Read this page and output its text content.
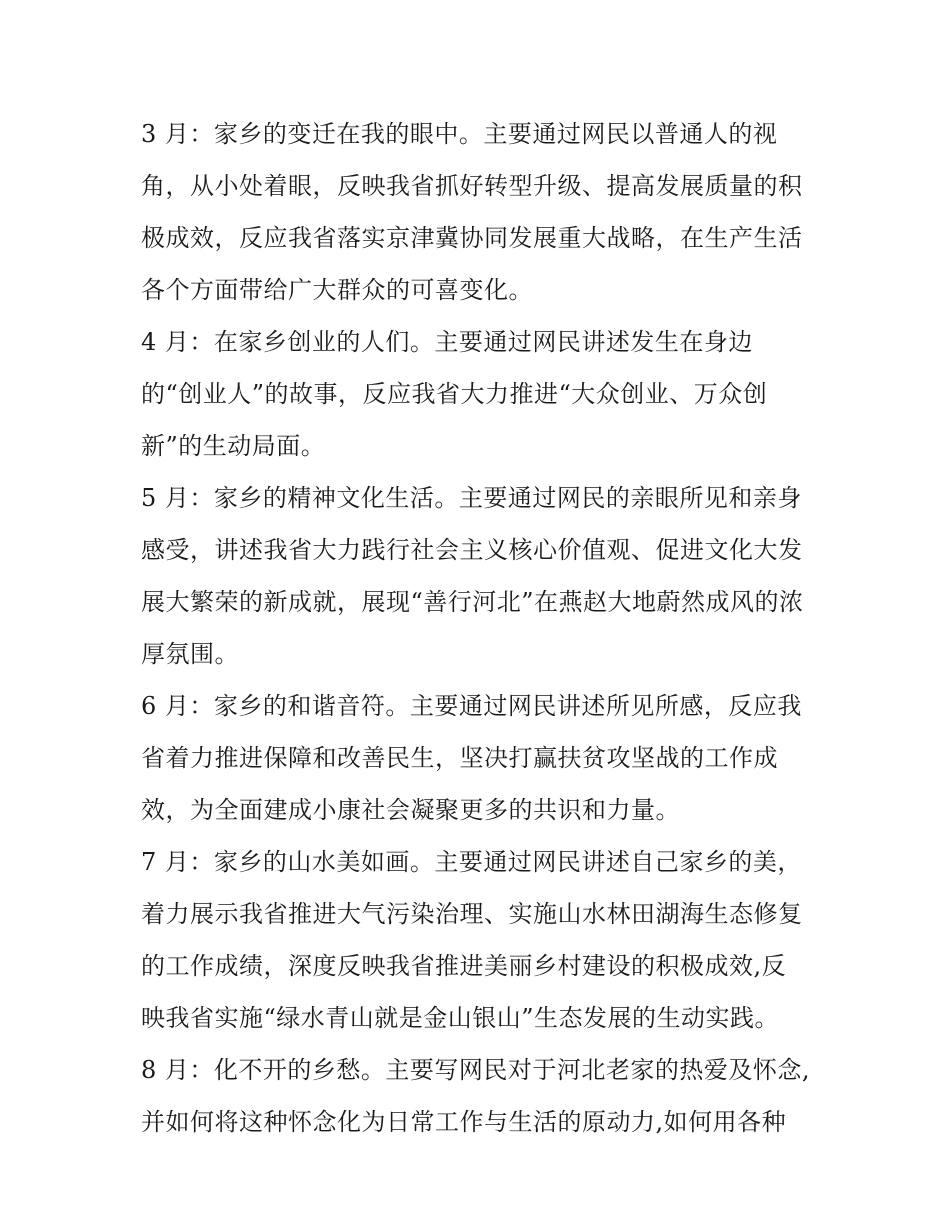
3 月：家乡的变迁在我的眼中。主要通过网民以普通人的视
角，从小处着眼，反映我省抓好转型升级、提高发展质量的积
极成效，反应我省落实京津冀协同发展重大战略，在生产生活
各个方面带给广大群众的可喜变化。
4 月：在家乡创业的人们。主要通过网民讲述发生在身边
的“创业人”的故事，反应我省大力推进“大众创业、万众创
新”的生动局面。
5 月：家乡的精神文化生活。主要通过网民的亲眼所见和亲身
感受，讲述我省大力践行社会主义核心价值观、促进文化大发
展大繁荣的新成就，展现“善行河北”在燕赵大地蔚然成风的浓
厚氛围。
6 月：家乡的和谐音符。主要通过网民讲述所见所感，反应我
省着力推进保障和改善民生，坚决打赢扶贫攻坚战的工作成
效，为全面建成小康社会凝聚更多的共识和力量。
7 月：家乡的山水美如画。主要通过网民讲述自己家乡的美，
着力展示我省推进大气污染治理、实施山水林田湖海生态修复
的工作成绩，深度反映我省推进美丽乡村建设的积极成效,反
映我省实施“绿水青山就是金山银山”生态发展的生动实践。
8 月：化不开的乡愁。主要写网民对于河北老家的热爱及怀念,
并如何将这种怀念化为日常工作与生活的原动力,如何用各种
